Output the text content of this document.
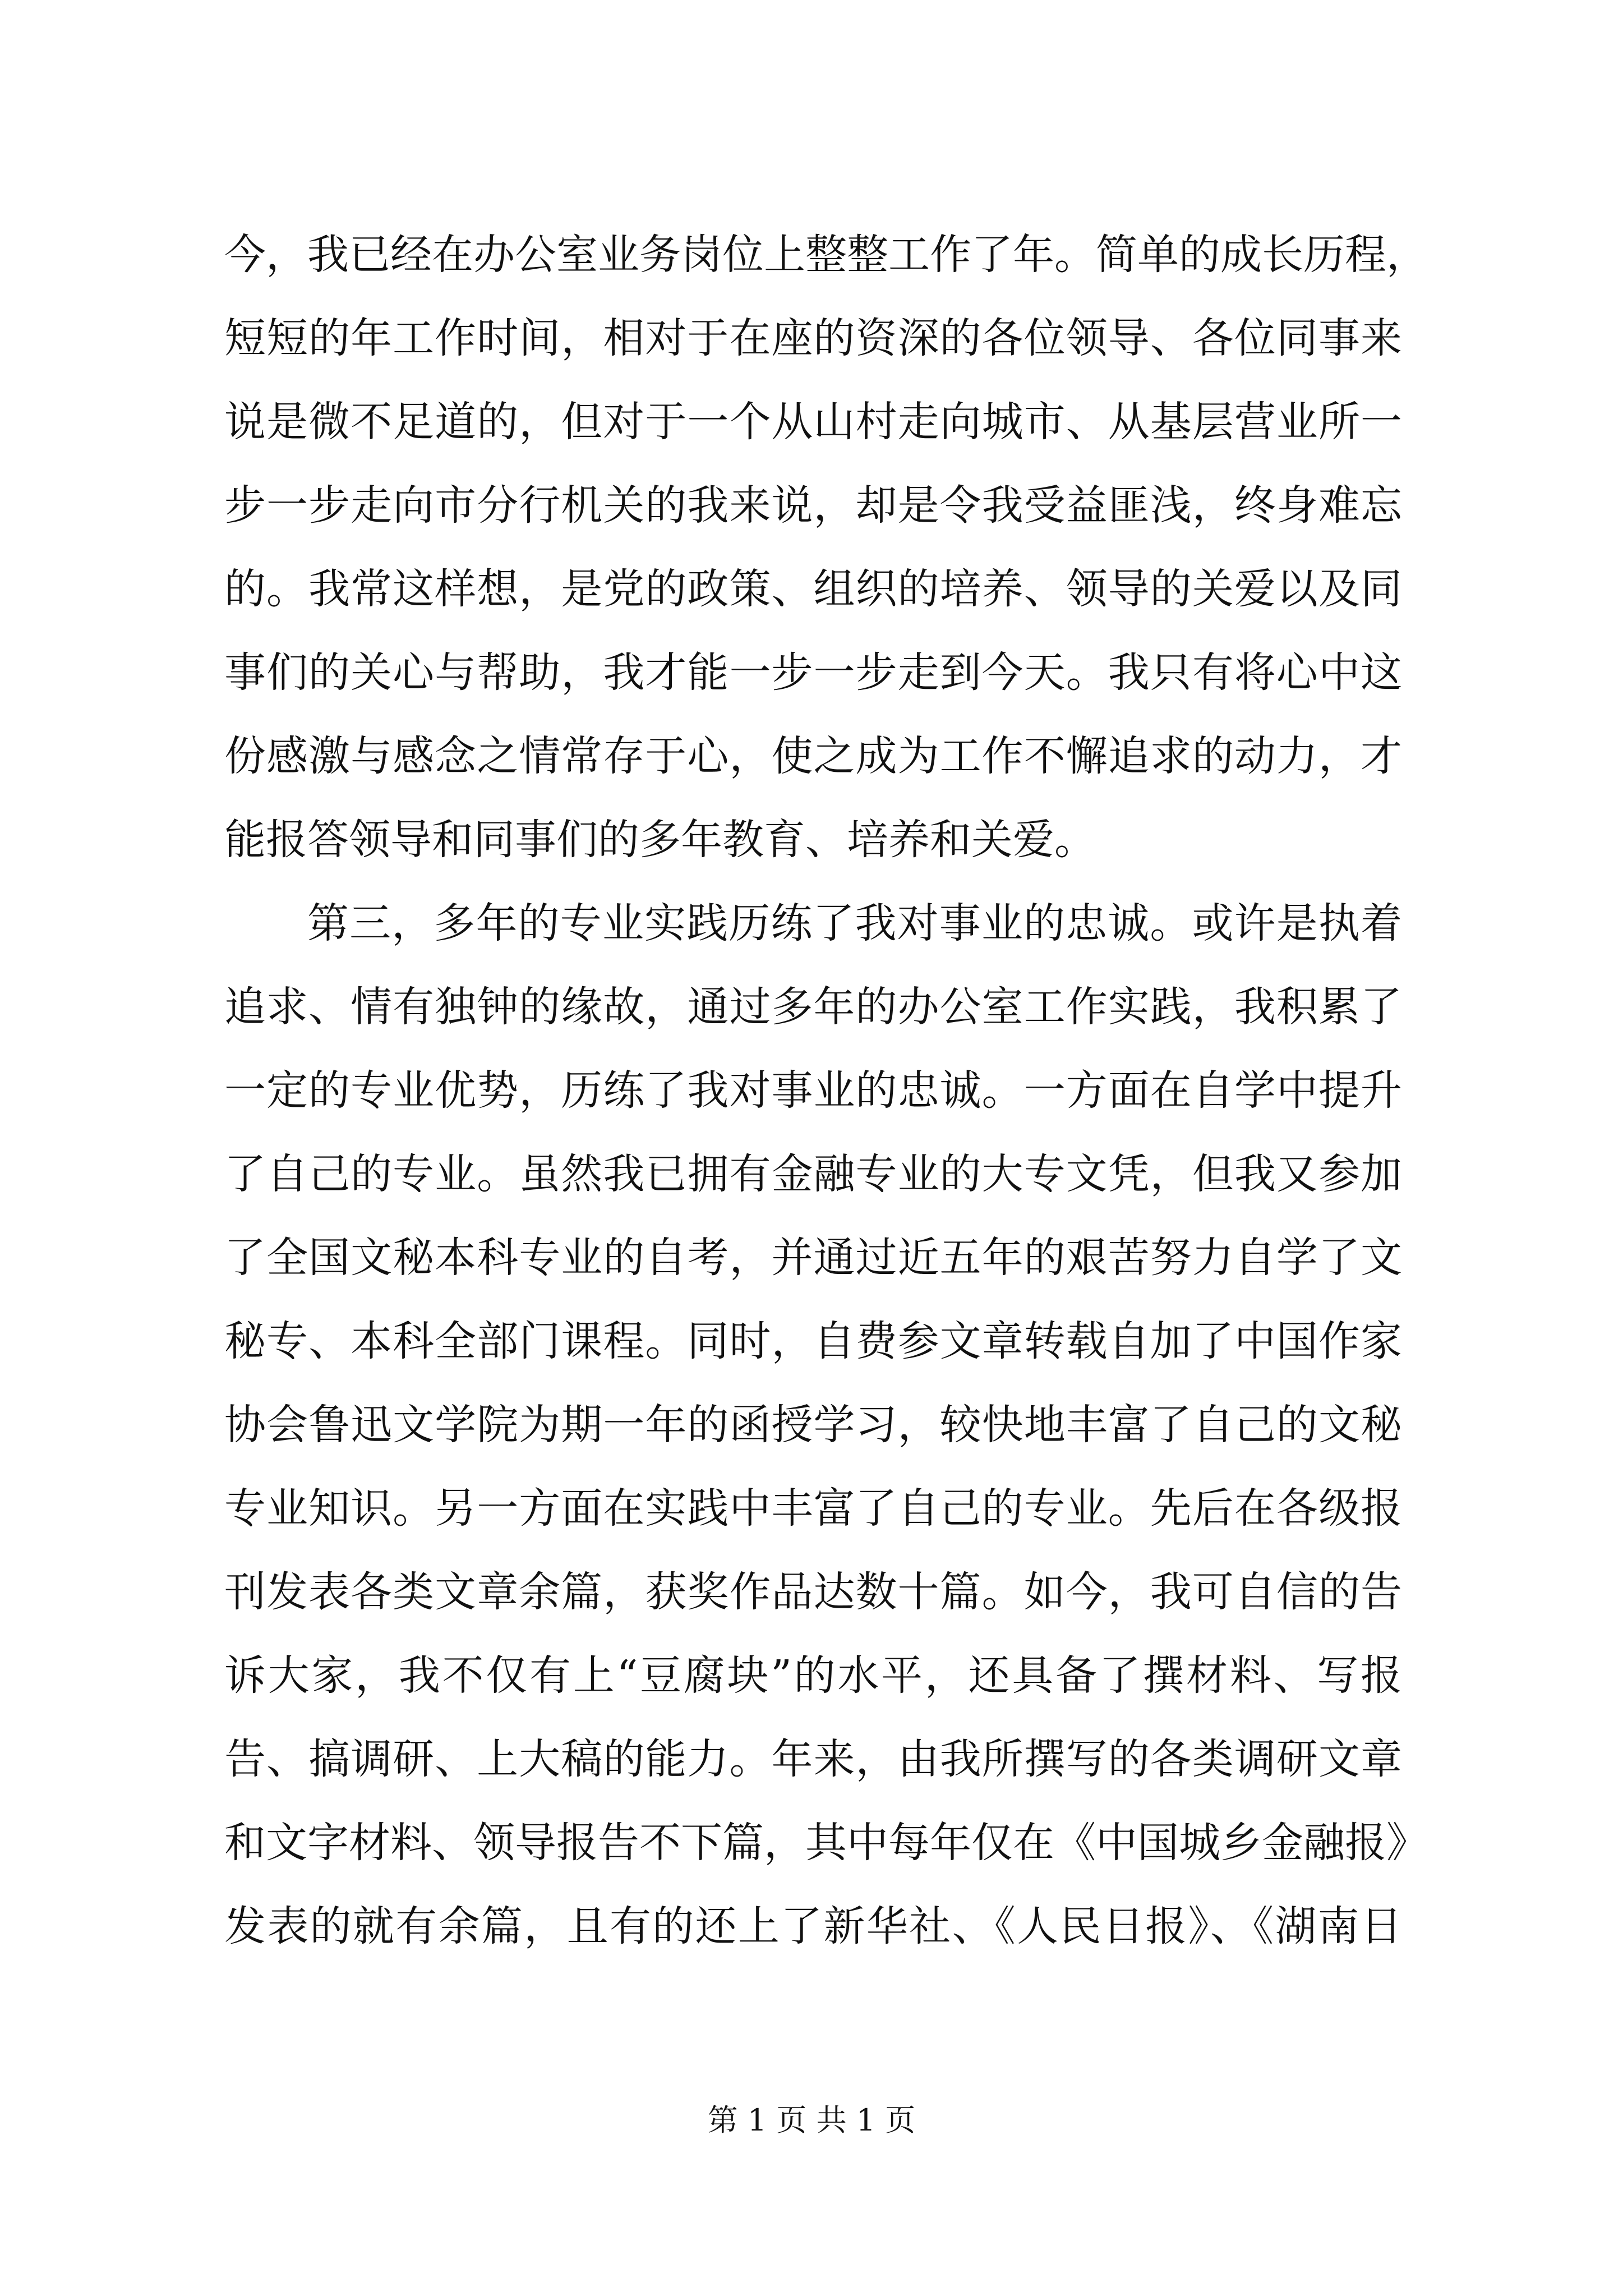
今，我已经在办公室业务岗位上整整工作了年。简单的成长历程，
短短的年工作时间，相对于在座的资深的各位领导、各位同事来
说是微不足道的，但对于一个从山村走向城市、从基层营业所一
步一步走向市分行机关的我来说，却是令我受益匪浅，终身难忘
的。我常这样想，是党的政策、组织的培养、领导的关爱以及同
事们的关心与帮助，我才能一步一步走到今天。我只有将心中这
份感激与感念之情常存于心，使之成为工作不懈追求的动力，才
能报答领导和同事们的多年教育、培养和关爱。
第三，多年的专业实践历练了我对事业的忠诚。或许是执着
追求、情有独钟的缘故，通过多年的办公室工作实践，我积累了
一定的专业优势，历练了我对事业的忠诚。一方面在自学中提升
了自己的专业。虽然我已拥有金融专业的大专文凭，但我又参加
了全国文秘本科专业的自考，并通过近五年的艰苦努力自学了文
秘专、本科全部门课程。同时，自费参文章转载自加了中国作家
协会鲁迅文学院为期一年的函授学习，较快地丰富了自己的文秘
专业知识。另一方面在实践中丰富了自己的专业。先后在各级报
刊发表各类文章余篇，获奖作品达数十篇。如今，我可自信的告
诉大家，我不仅有上“豆腐块”的水平，还具备了撰材料、写报
告、搞调研、上大稿的能力。年来，由我所撰写的各类调研文章
和文字材料、领导报告不下篇，其中每年仅在《中国城乡金融报》
发表的就有余篇，且有的还上了新华社、《人民日报》、《湖南日
第 1 页 共 1 页
